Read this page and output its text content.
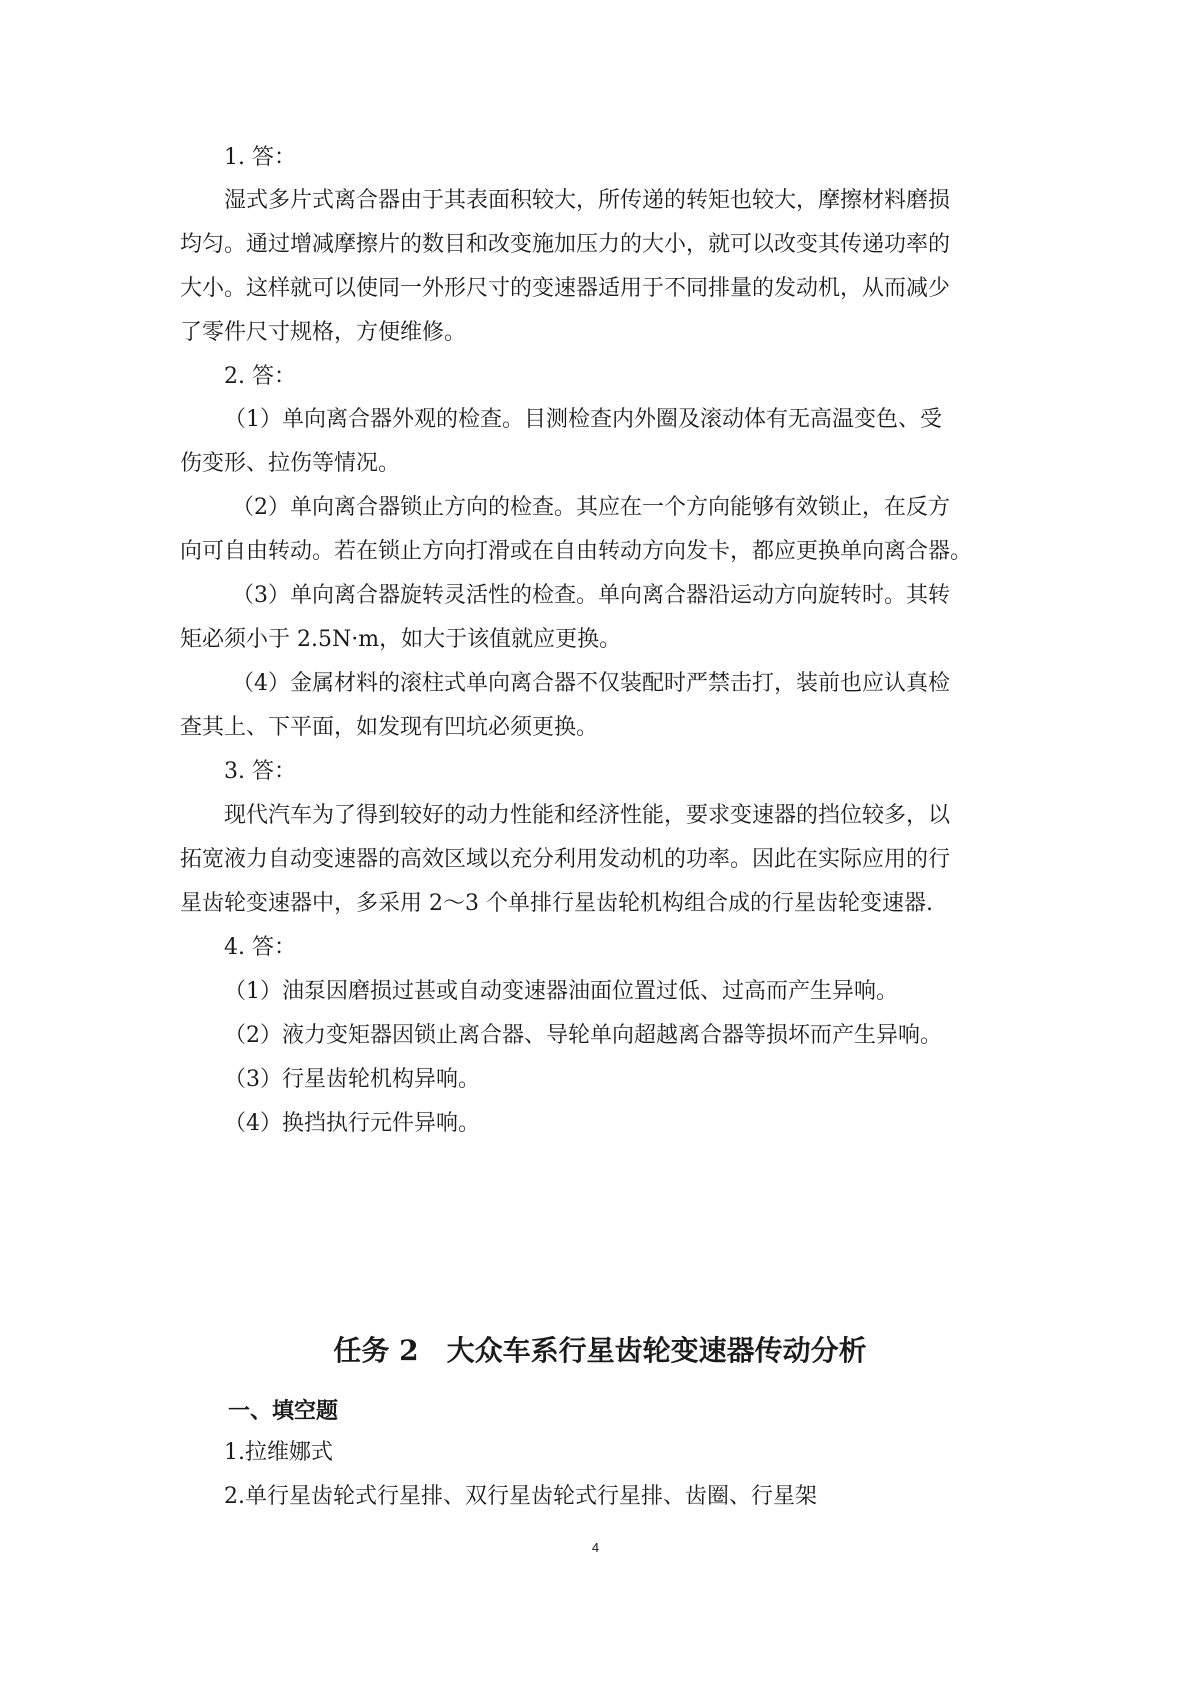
1. 答：

湿式多片式离合器由于其表面积较大，所传递的转矩也较大，摩擦材料磨损

均匀。通过增减摩擦片的数目和改变施加压力的大小，就可以改变其传递功率的

大小。这样就可以使同一外形尺寸的变速器适用于不同排量的发动机，从而减少

了零件尺寸规格，方便维修。

2. 答：

（1）单向离合器外观的检查。目测检查内外圈及滚动体有无高温变色、受

伤变形、拉伤等情况。

（2）单向离合器锁止方向的检查。其应在一个方向能够有效锁止，在反方

向可自由转动。若在锁止方向打滑或在自由转动方向发卡，都应更换单向离合器。

（3）单向离合器旋转灵活性的检查。单向离合器沿运动方向旋转时。其转

矩必须小于 2.5N·m，如大于该值就应更换。

（4）金属材料的滚柱式单向离合器不仅装配时严禁击打，装前也应认真检

查其上、下平面，如发现有凹坑必须更换。

3. 答：

现代汽车为了得到较好的动力性能和经济性能，要求变速器的挡位较多，以

拓宽液力自动变速器的高效区域以充分利用发动机的功率。因此在实际应用的行

星齿轮变速器中，多采用 2～3 个单排行星齿轮机构组合成的行星齿轮变速器.

4. 答：

（1）油泵因磨损过甚或自动变速器油面位置过低、过高而产生异响。

（2）液力变矩器因锁止离合器、导轮单向超越离合器等损坏而产生异响。

（3）行星齿轮机构异响。

（4）换挡执行元件异响。

任务 2　大众车系行星齿轮变速器传动分析
一、填空题

1.拉维娜式

2.单行星齿轮式行星排、双行星齿轮式行星排、齿圈、行星架

4
